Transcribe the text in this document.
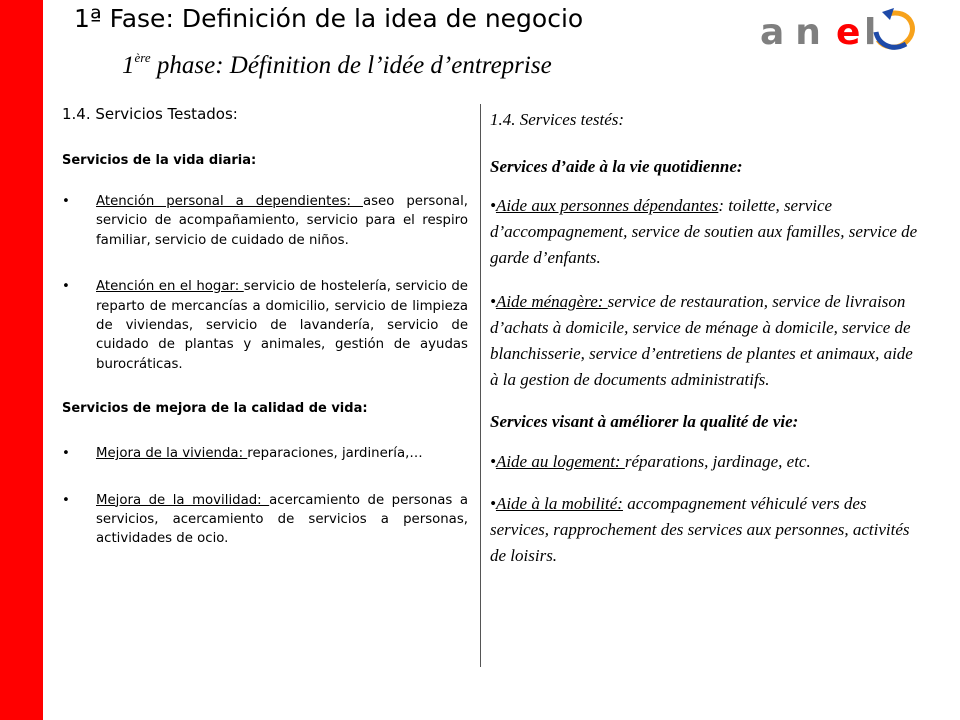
1ª Fase: Definición de la idea de negocio
1ère phase: Définition de l’idée d’entreprise
an e l

1.4. Servicios Testados:

Servicios de la vida diaria:

• Atención personal a dependientes: aseo personal, servicio de acompañamiento, servicio para el respiro familiar, servicio de cuidado de niños.
• Atención en el hogar: servicio de hostelería, servicio de reparto de mercancías a domicilio, servicio de limpieza de viviendas, servicio de lavandería, servicio de cuidado de plantas y animales, gestión de ayudas burocráticas.

Servicios de mejora de la calidad de vida:

• Mejora de la vivienda: reparaciones, jardinería,…
• Mejora de la movilidad: acercamiento de personas a servicios, acercamiento de servicios a personas, actividades de ocio.

1.4. Services testés:

Services d’aide à la vie quotidienne:

•Aide aux personnes dépendantes: toilette, service d’accompagnement, service de soutien aux familles, service de garde d’enfants.

•Aide ménagère: service de restauration, service de livraison d’achats à domicile, service de ménage à domicile, service de blanchisserie, service d’entretiens de plantes et animaux, aide à la gestion de documents administratifs.

Services visant à améliorer la qualité de vie:

•Aide au logement: réparations, jardinage, etc.

•Aide à la mobilité: accompagnement véhiculé vers des services, rapprochement des services aux personnes, activités de loisirs.
